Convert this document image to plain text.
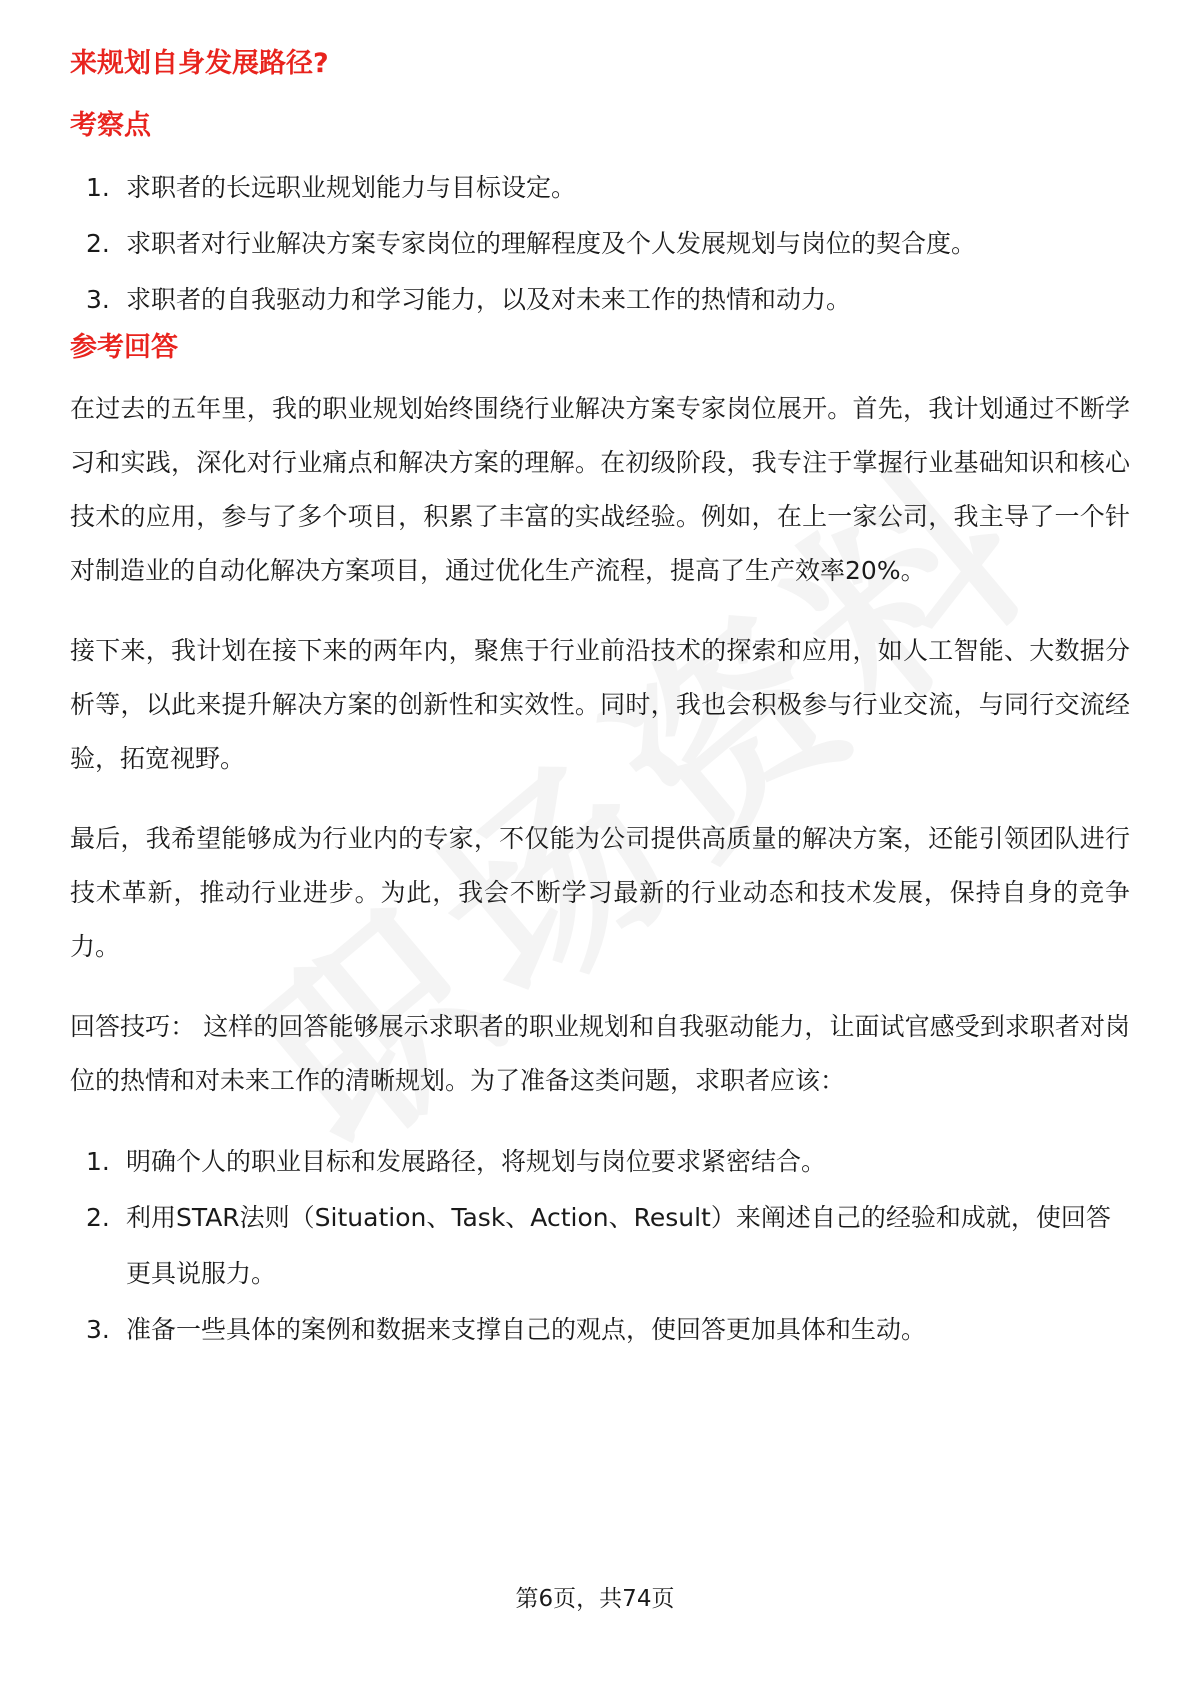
来规划自身发展路径?
考察点
1. 求职者的长远职业规划能力与目标设定。
2. 求职者对行业解决方案专家岗位的理解程度及个人发展规划与岗位的契合度。
3. 求职者的自我驱动力和学习能力，以及对未来工作的热情和动力。
参考回答

在过去的五年里，我的职业规划始终围绕行业解决方案专家岗位展开。首先，我计划通过不断学习和实践，深化对行业痛点和解决方案的理解。在初级阶段，我专注于掌握行业基础知识和核心技术的应用，参与了多个项目，积累了丰富的实战经验。例如，在上一家公司，我主导了一个针对制造业的自动化解决方案项目，通过优化生产流程，提高了生产效率20%。

接下来，我计划在接下来的两年内，聚焦于行业前沿技术的探索和应用，如人工智能、大数据分析等，以此来提升解决方案的创新性和实效性。同时，我也会积极参与行业交流，与同行交流经验，拓宽视野。

最后，我希望能够成为行业内的专家，不仅能为公司提供高质量的解决方案，还能引领团队进行技术革新，推动行业进步。为此，我会不断学习最新的行业动态和技术发展，保持自身的竞争力。

回答技巧： 这样的回答能够展示求职者的职业规划和自我驱动能力，让面试官感受到求职者对岗位的热情和对未来工作的清晰规划。为了准备这类问题，求职者应该：

1. 明确个人的职业目标和发展路径，将规划与岗位要求紧密结合。
2. 利用STAR法则（Situation、Task、Action、Result）来阐述自己的经验和成就，使回答更具说服力。
3. 准备一些具体的案例和数据来支撑自己的观点，使回答更加具体和生动。
第6页，共74页
